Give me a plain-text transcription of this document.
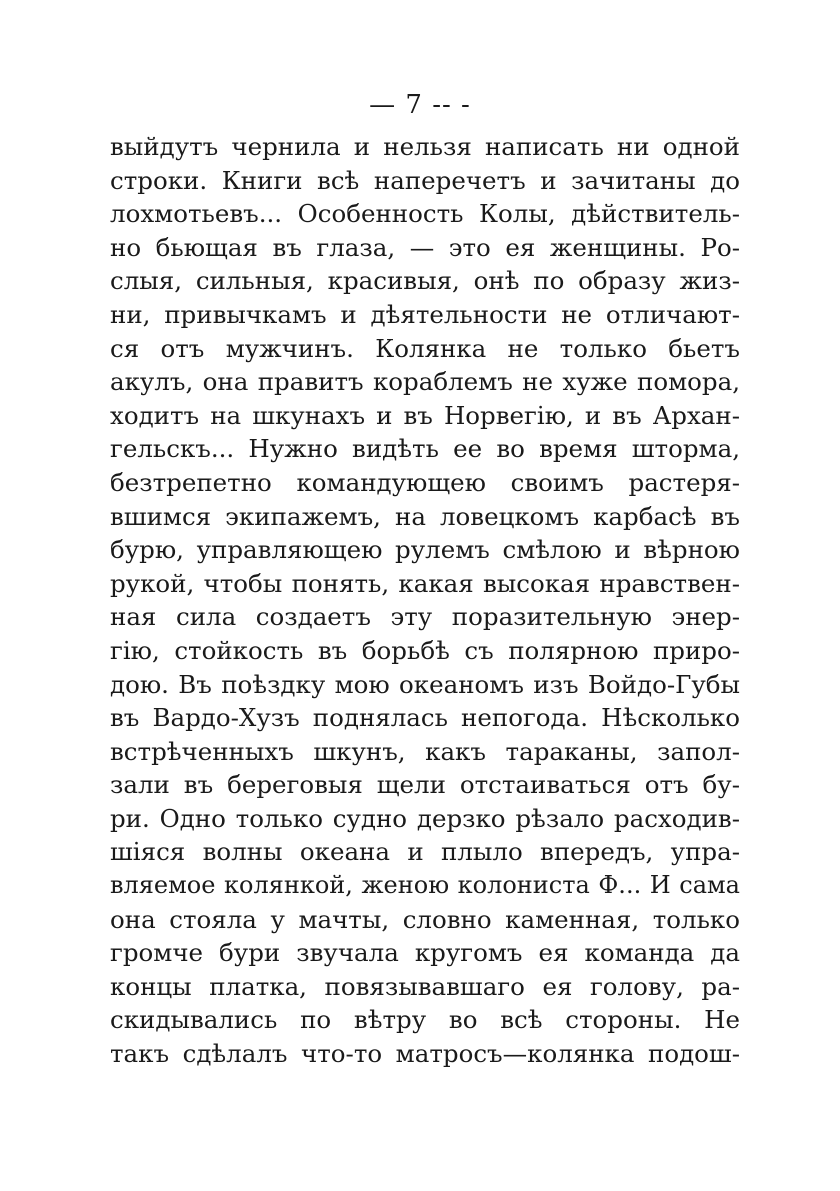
— 7 -- -
выйдутъ чернила и нельзя написать ни одной
строки. Книги всѣ наперечетъ и зачитаны до
лохмотьевъ... Особенность Колы, дѣйствитель-
но бьющая въ глаза, — это ея женщины. Ро-
слыя, сильныя, красивыя, онѣ по образу жиз-
ни, привычкамъ и дѣятельности не отличают-
ся отъ мужчинъ. Колянка не только бьетъ
акулъ, она правитъ кораблемъ не хуже помора,
ходитъ на шкунахъ и въ Норвегію, и въ Архан-
гельскъ... Нужно видѣть ее во время шторма,
безтрепетно командующею своимъ растеря-
вшимся экипажемъ, на ловецкомъ карбасѣ въ
бурю, управляющею рулемъ смѣлою и вѣрною
рукой, чтобы понять, какая высокая нравствен-
ная сила создаетъ эту поразительную энер-
гію, стойкость въ борьбѣ съ полярною приро-
дою. Въ поѣздку мою океаномъ изъ Войдо-Губы
въ Вардо-Хузъ поднялась непогода. Нѣсколько
встрѣченныхъ шкунъ, какъ тараканы, запол-
зали въ береговыя щели отстаиваться отъ бу-
ри. Одно только судно дерзко рѣзало расходив-
шіяся волны океана и плыло впередъ, упра-
вляемое колянкой, женою колониста Ф... И сама
она стояла у мачты, словно каменная, только
громче бури звучала кругомъ ея команда да
концы платка, повязывавшаго ея голову, ра-
скидывались по вѣтру во всѣ стороны. Не
такъ сдѣлалъ что-то матросъ—колянка подош-
